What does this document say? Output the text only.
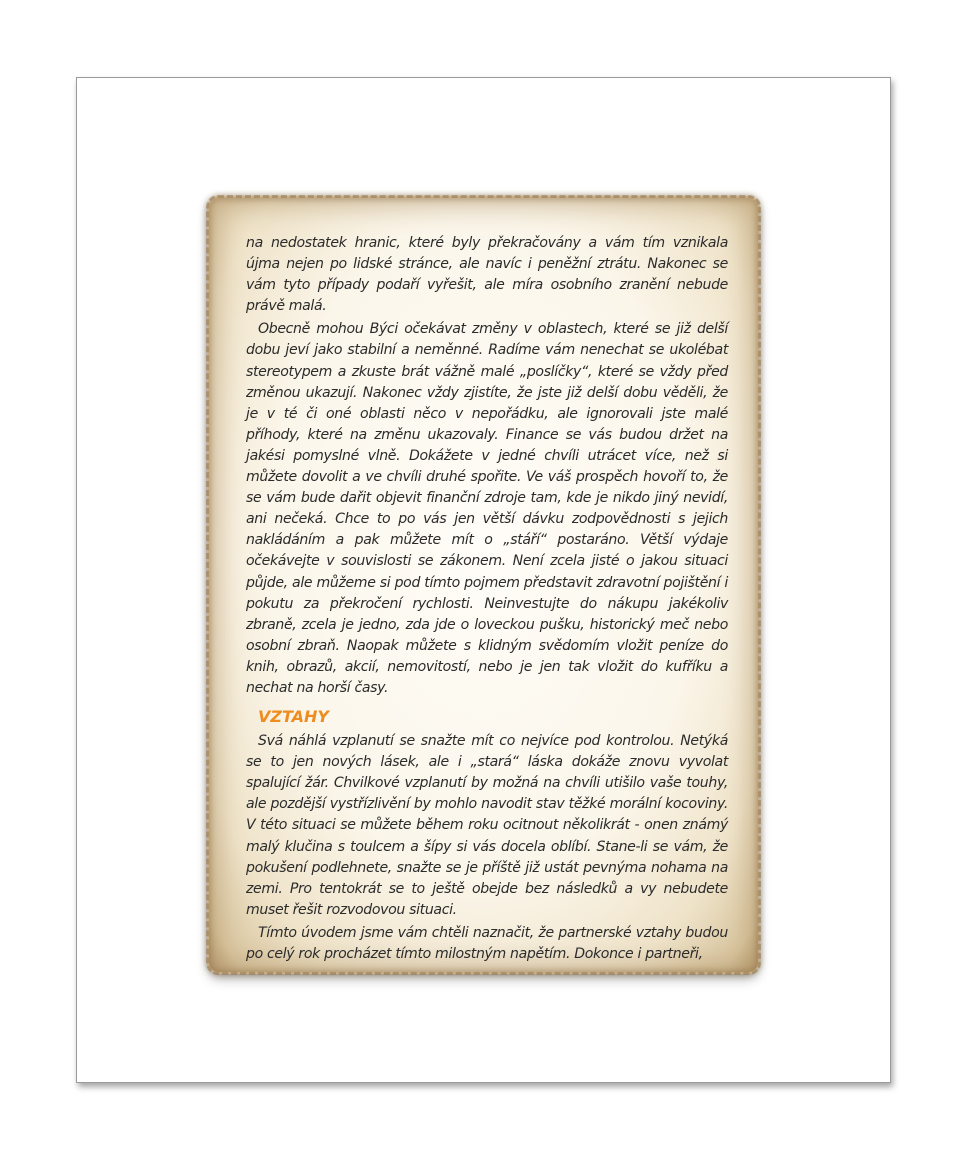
na nedostatek hranic, které byly překračovány a vám tím vznikala újma nejen po lidské stránce, ale navíc i peněžní ztrátu. Nakonec se vám tyto případy podaří vyřešit, ale míra osobního zranění nebude právě malá.

Obecně mohou Býci očekávat změny v oblastech, které se již delší dobu jeví jako stabilní a neměnné. Radíme vám nenechat se ukolébat stereotypem a zkuste brát vážně malé „poslíčky“, které se vždy před změnou ukazují. Nakonec vždy zjistíte, že jste již delší dobu věděli, že je v té či oné oblasti něco v nepořádku, ale ignorovali jste malé příhody, které na změnu ukazovaly. Finance se vás budou držet na jakési pomyslné vlně. Dokážete v jedné chvíli utrácet více, než si můžete dovolit a ve chvíli druhé spořite. Ve váš prospěch hovoří to, že se vám bude dařit objevit finanční zdroje tam, kde je nikdo jiný nevidí, ani nečeká. Chce to po vás jen větší dávku zodpovědnosti s jejich nakládáním a pak můžete mít o „stáří“ postaráno. Větší výdaje očekávejte v souvislosti se zákonem. Není zcela jisté o jakou situaci půjde, ale můžeme si pod tímto pojmem představit zdravotní pojištění i pokutu za překročení rychlosti. Neinvestujte do nákupu jakékoliv zbraně, zcela je jedno, zda jde o loveckou pušku, historický meč nebo osobní zbraň. Naopak můžete s klidným svědomím vložit peníze do knih, obrazů, akcií, nemovitostí, nebo je jen tak vložit do kufříku a nechat na horší časy.

VZTAHY

Svá náhlá vzplanutí se snažte mít co nejvíce pod kontrolou. Netýká se to jen nových lásek, ale i „stará“ láska dokáže znovu vyvolat spalující žár. Chvilkové vzplanutí by možná na chvíli utišilo vaše touhy, ale pozdější vystřízlivění by mohlo navodit stav těžké morální kocoviny. V této situaci se můžete během roku ocitnout několikrát - onen známý malý klučina s toulcem a šípy si vás docela oblíbí. Stane-li se vám, že pokušení podlehnete, snažte se je příště již ustát pevnýma nohama na zemi. Pro tentokrát se to ještě obejde bez následků a vy nebudete muset řešit rozvodovou situaci.

Tímto úvodem jsme vám chtěli naznačit, že partnerské vztahy budou po celý rok procházet tímto milostným napětím. Dokonce i partneři,
